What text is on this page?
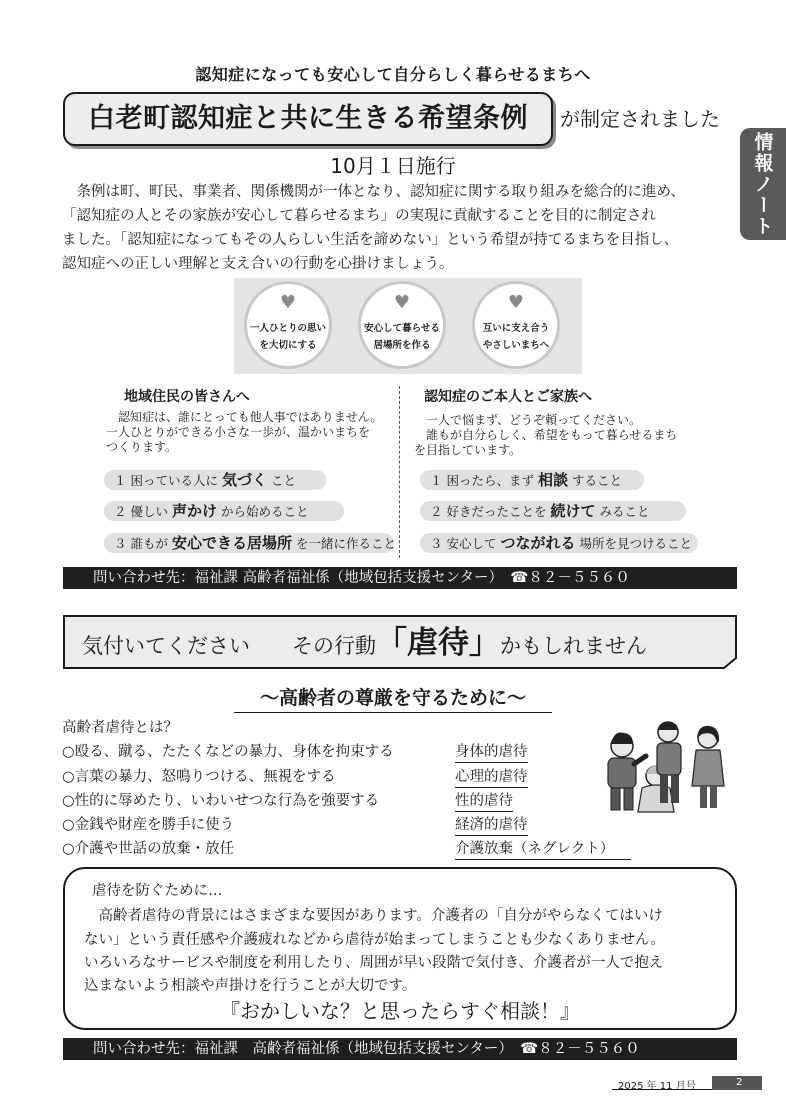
認知症になっても安心して自分らしく暮らせるまちへ
白老町認知症と共に生きる希望条例	が制定されました
情報ノート
10月１日施行
　条例は町、町民、事業者、関係機関が一体となり、認知症に関する取り組みを総合的に進め、
「認知症の人とその家族が安心して暮らせるまち」の実現に貢献することを目的に制定され
ました。「認知症になってもその人らしい生活を諦めない」という希望が持てるまちを目指し、
認知症への正しい理解と支え合いの行動を心掛けましょう。
♥
一人ひとりの思い
を大切にする
♥
安心して暮らせる
居場所を作る
♥
互いに支え合う
やさしいまちへ
地域住民の皆さんへ
　認知症は、誰にとっても他人事ではありません。
一人ひとりができる小さな一歩が、温かいまちを
つくります。
１ 困っている人に 気づく こと
２ 優しい 声かけ から始めること
３ 誰もが 安心できる居場所 を一緒に作ること
認知症のご本人とご家族へ
　一人で悩まず、どうぞ頼ってください。
　誰もが自分らしく、希望をもって暮らせるまち
を目指しています。
１ 困ったら、まず 相談 すること
２ 好きだったことを 続けて みること
３ 安心して つながれる 場所を見つけること
問い合わせ先：福祉課 高齢者福祉係（地域包括支援センター）　☎８２－５５６０
気付いてください　　その行動「虐待」かもしれません
～高齢者の尊厳を守るために～
高齢者虐待とは？
○殴る、蹴る、たたくなどの暴力、身体を拘束する	身体的虐待
○言葉の暴力、怒鳴りつける、無視をする	心理的虐待
○性的に辱めたり、いわいせつな行為を強要する	性的虐待
○金銭や財産を勝手に使う	経済的虐待
○介護や世話の放棄・放任	介護放棄（ネグレクト）
虐待を防ぐために…
　高齢者虐待の背景にはさまざまな要因があります。介護者の「自分がやらなくてはいけ
ない」という責任感や介護疲れなどから虐待が始まってしまうことも少なくありません。
いろいろなサービスや制度を利用したり、周囲が早い段階で気付き、介護者が一人で抱え
込まないよう相談や声掛けを行うことが大切です。
『おかしいな？と思ったらすぐ相談！』
問い合わせ先：福祉課　高齢者福祉係（地域包括支援センター）　☎８２－５５６０
2025 年 11 月号	2
